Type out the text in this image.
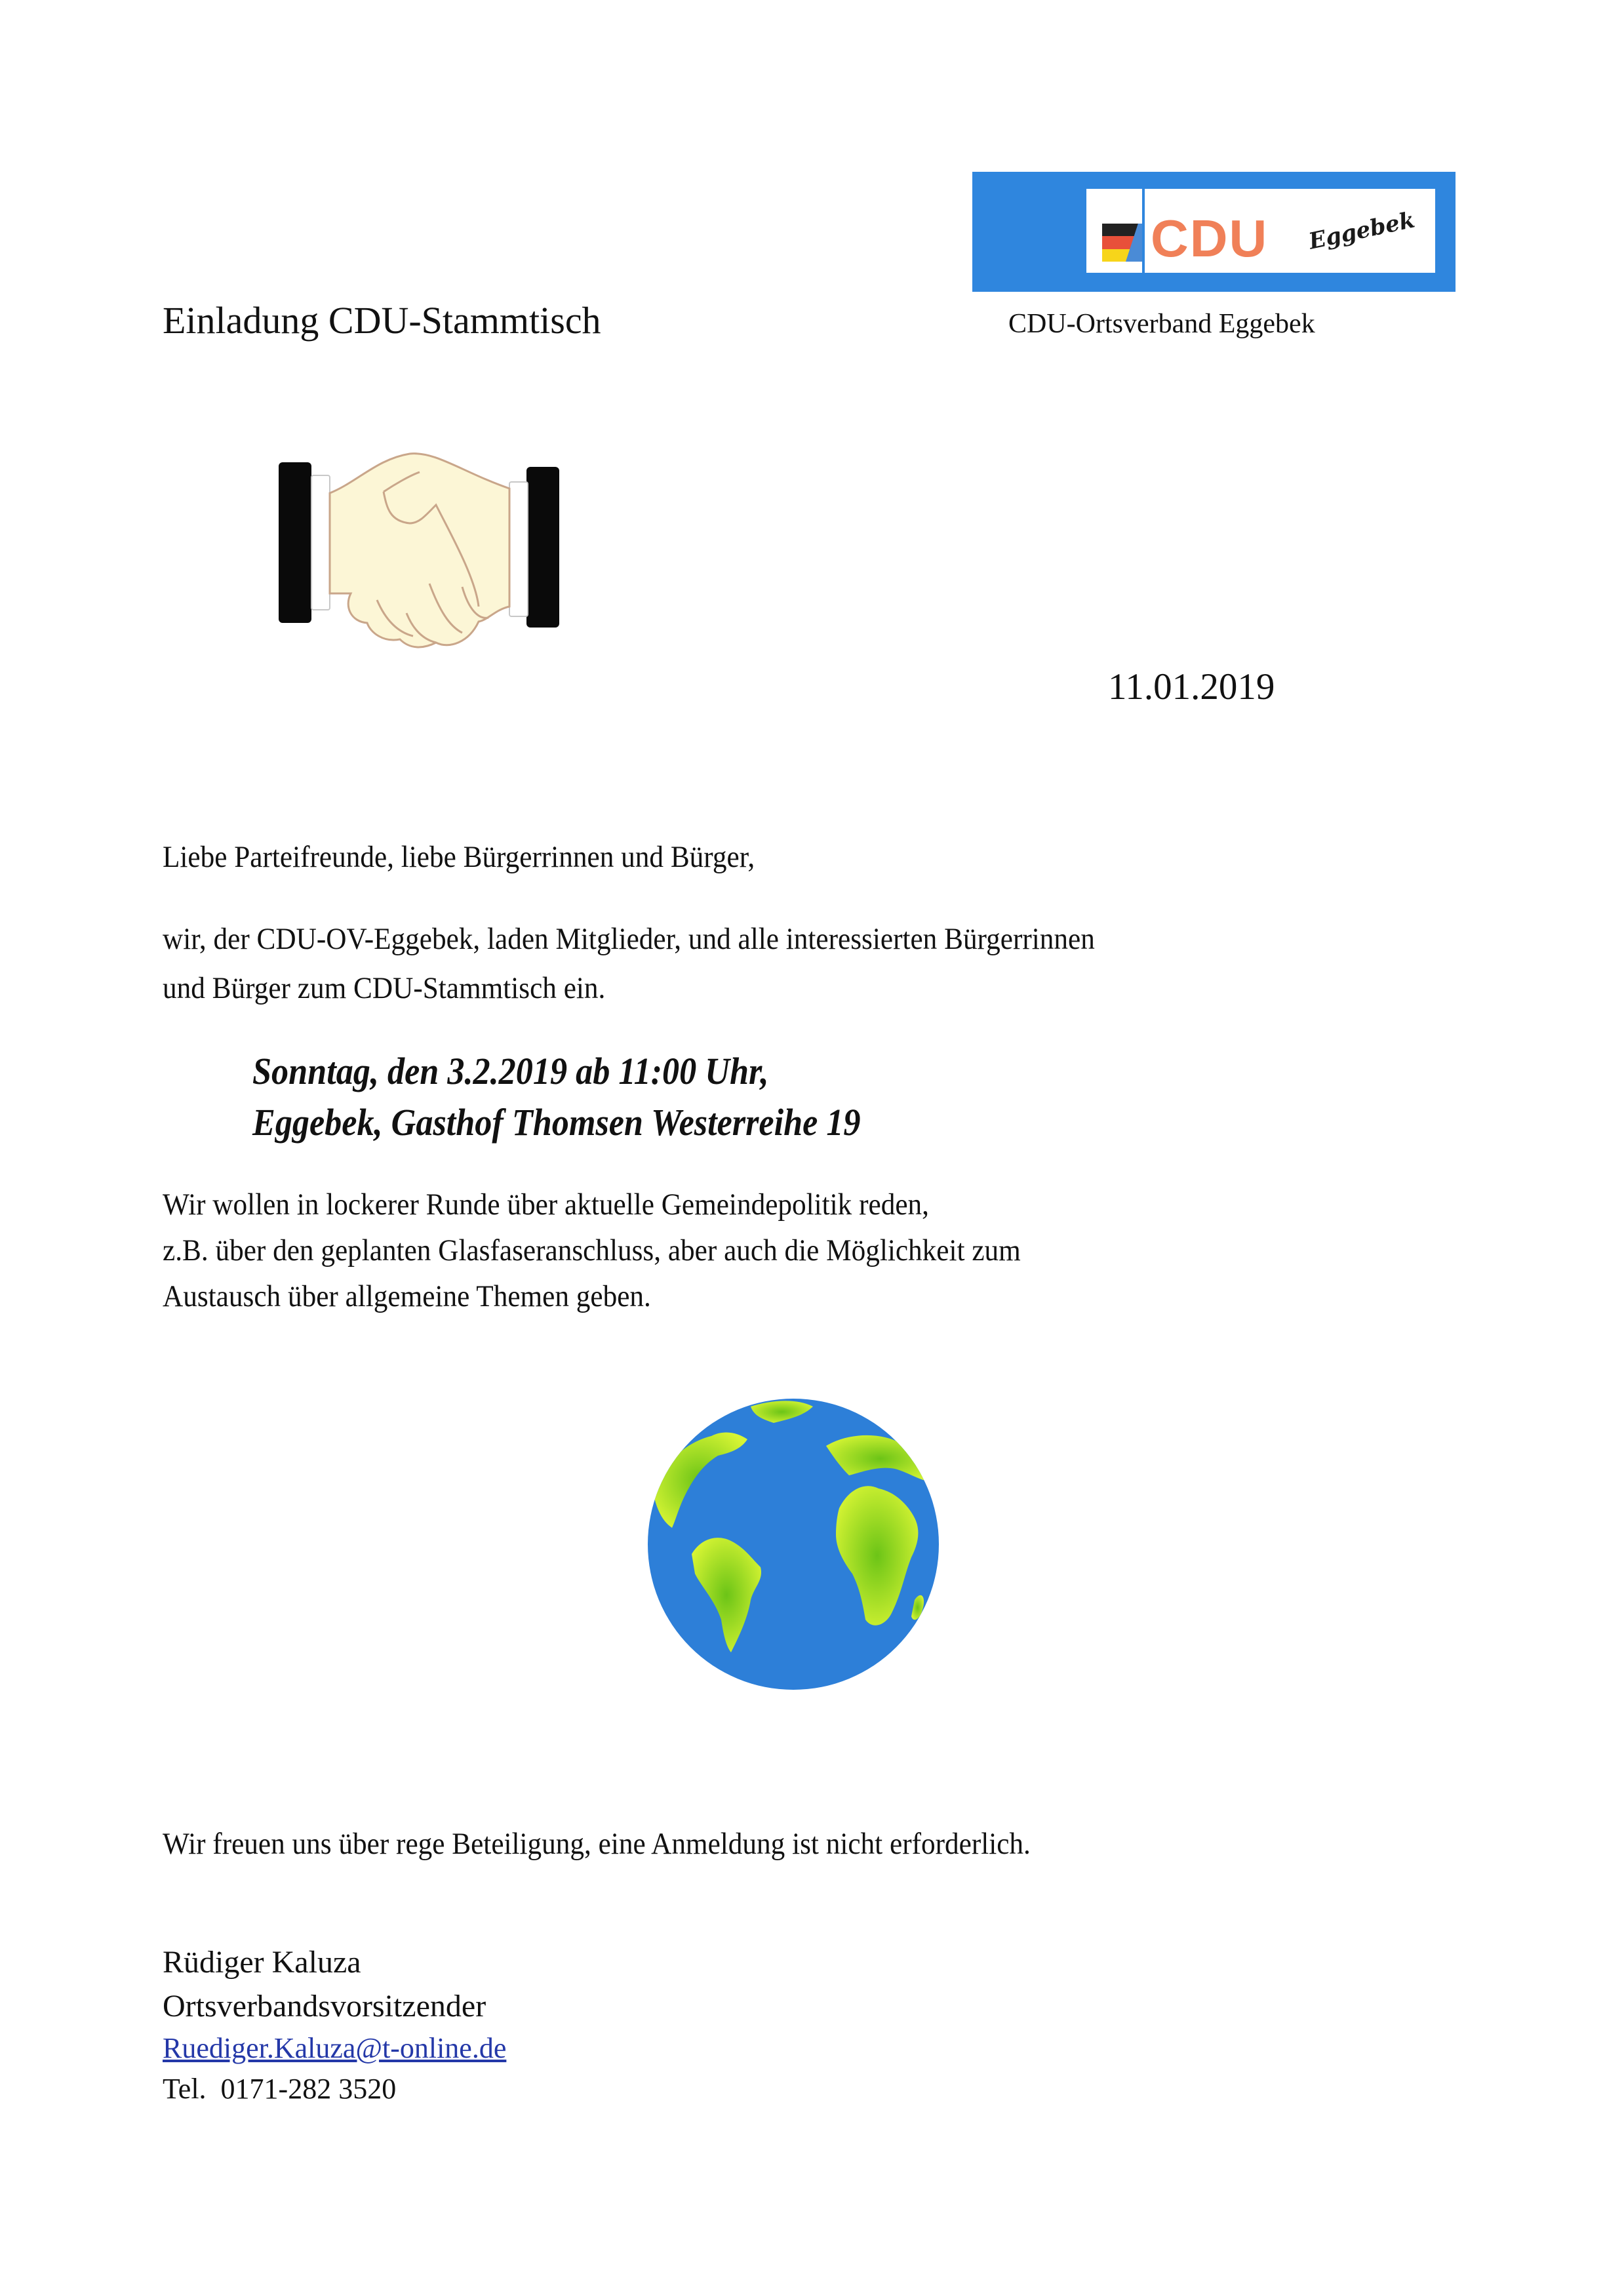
CDU Eggebek
CDU-Ortsverband Eggebek
Einladung CDU-Stammtisch
11.01.2019
Liebe Parteifreunde, liebe Bürgerrinnen und Bürger,
wir, der CDU-OV-Eggebek, laden Mitglieder, und alle interessierten Bürgerrinnen
und Bürger zum CDU-Stammtisch ein.
Sonntag, den 3.2.2019 ab 11:00 Uhr,
Eggebek, Gasthof Thomsen Westerreihe 19
Wir wollen in lockerer Runde über aktuelle Gemeindepolitik reden,
z.B. über den geplanten Glasfaseranschluss, aber auch die Möglichkeit zum
Austausch über allgemeine Themen geben.
Wir freuen uns über rege Beteiligung, eine Anmeldung ist nicht erforderlich.
Rüdiger Kaluza
Ortsverbandsvorsitzender
Ruediger.Kaluza@t-online.de
Tel.  0171-282 3520
